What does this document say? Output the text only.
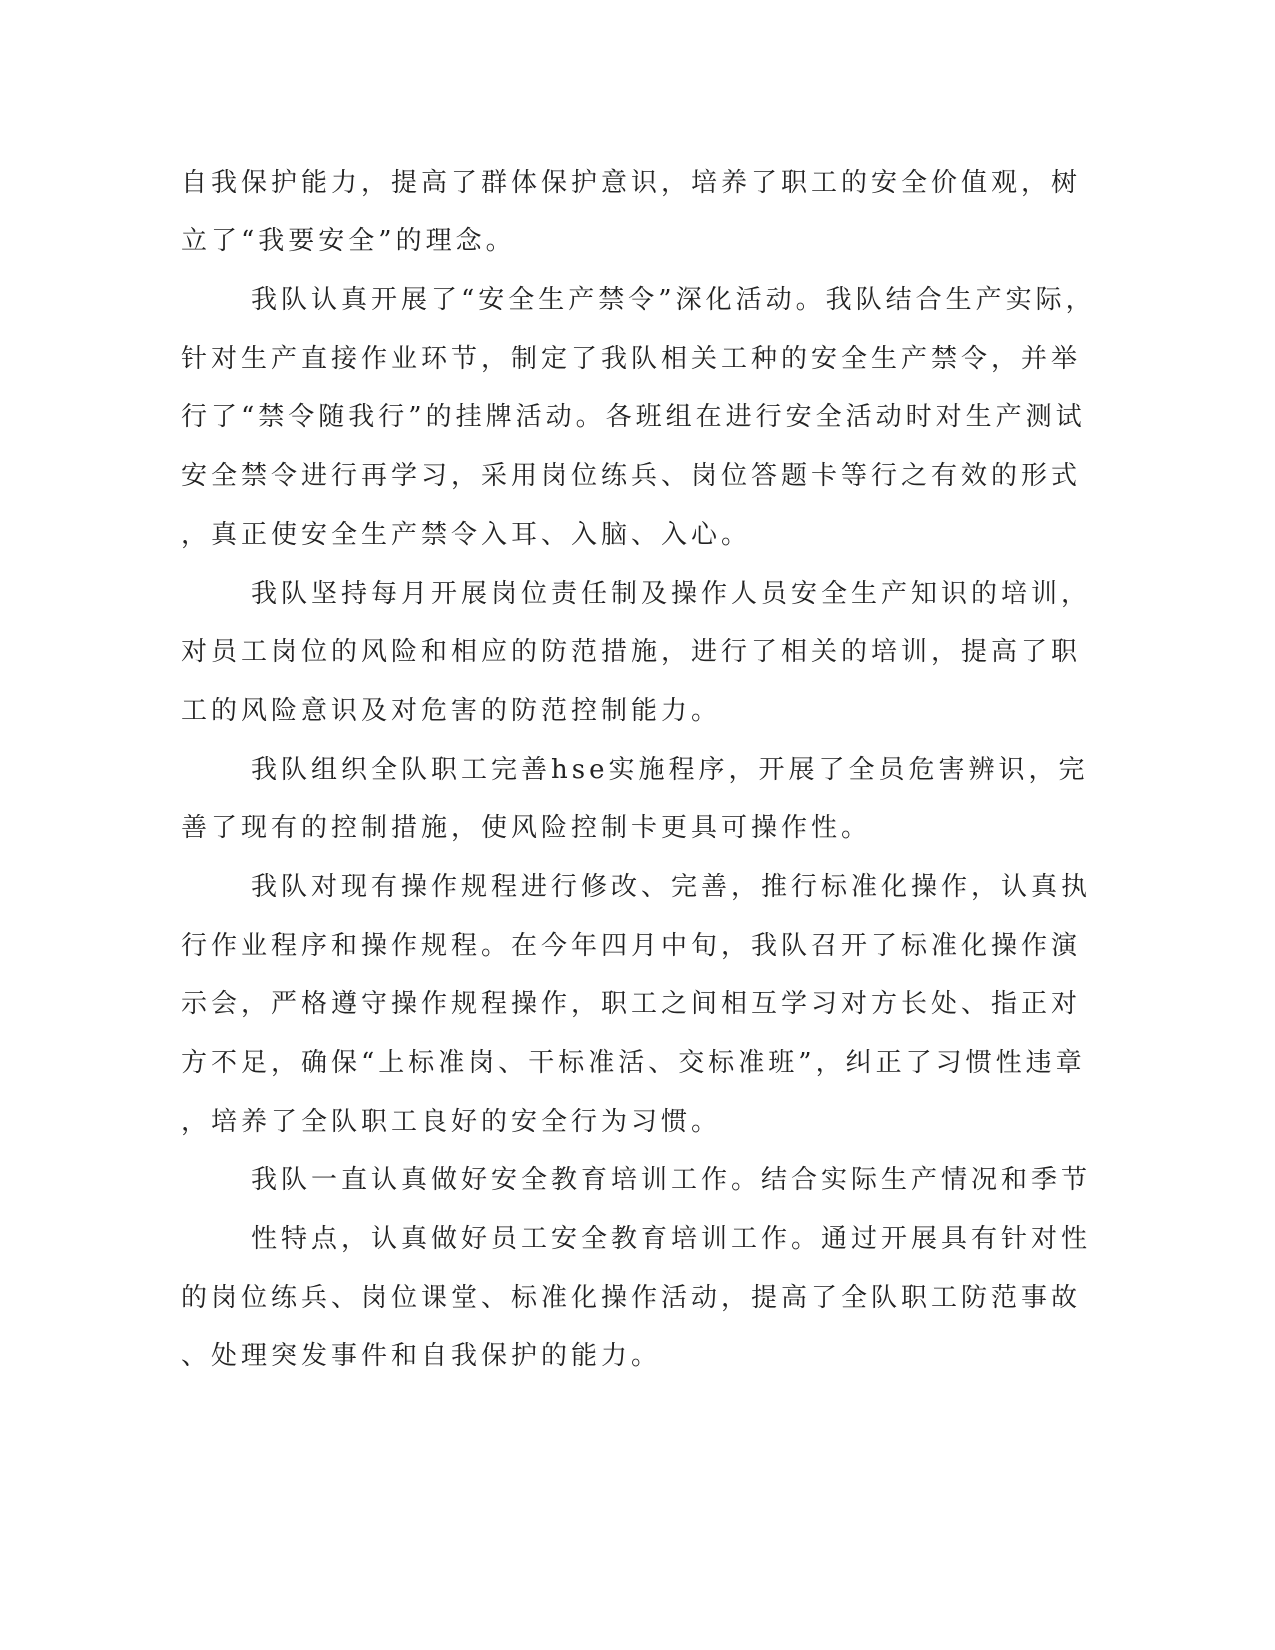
自我保护能力，提高了群体保护意识，培养了职工的安全价值观，树
立了“我要安全”的理念。
我队认真开展了“安全生产禁令”深化活动。我队结合生产实际，
针对生产直接作业环节，制定了我队相关工种的安全生产禁令，并举
行了“禁令随我行”的挂牌活动。各班组在进行安全活动时对生产测试
安全禁令进行再学习，采用岗位练兵、岗位答题卡等行之有效的形式
，真正使安全生产禁令入耳、入脑、入心。
我队坚持每月开展岗位责任制及操作人员安全生产知识的培训，
对员工岗位的风险和相应的防范措施，进行了相关的培训，提高了职
工的风险意识及对危害的防范控制能力。
我队组织全队职工完善hse实施程序，开展了全员危害辨识，完
善了现有的控制措施，使风险控制卡更具可操作性。
我队对现有操作规程进行修改、完善，推行标准化操作，认真执
行作业程序和操作规程。在今年四月中旬，我队召开了标准化操作演
示会，严格遵守操作规程操作，职工之间相互学习对方长处、指正对
方不足，确保“上标准岗、干标准活、交标准班”，纠正了习惯性违章
，培养了全队职工良好的安全行为习惯。
我队一直认真做好安全教育培训工作。结合实际生产情况和季节
性特点，认真做好员工安全教育培训工作。通过开展具有针对性
的岗位练兵、岗位课堂、标准化操作活动，提高了全队职工防范事故
、处理突发事件和自我保护的能力。
